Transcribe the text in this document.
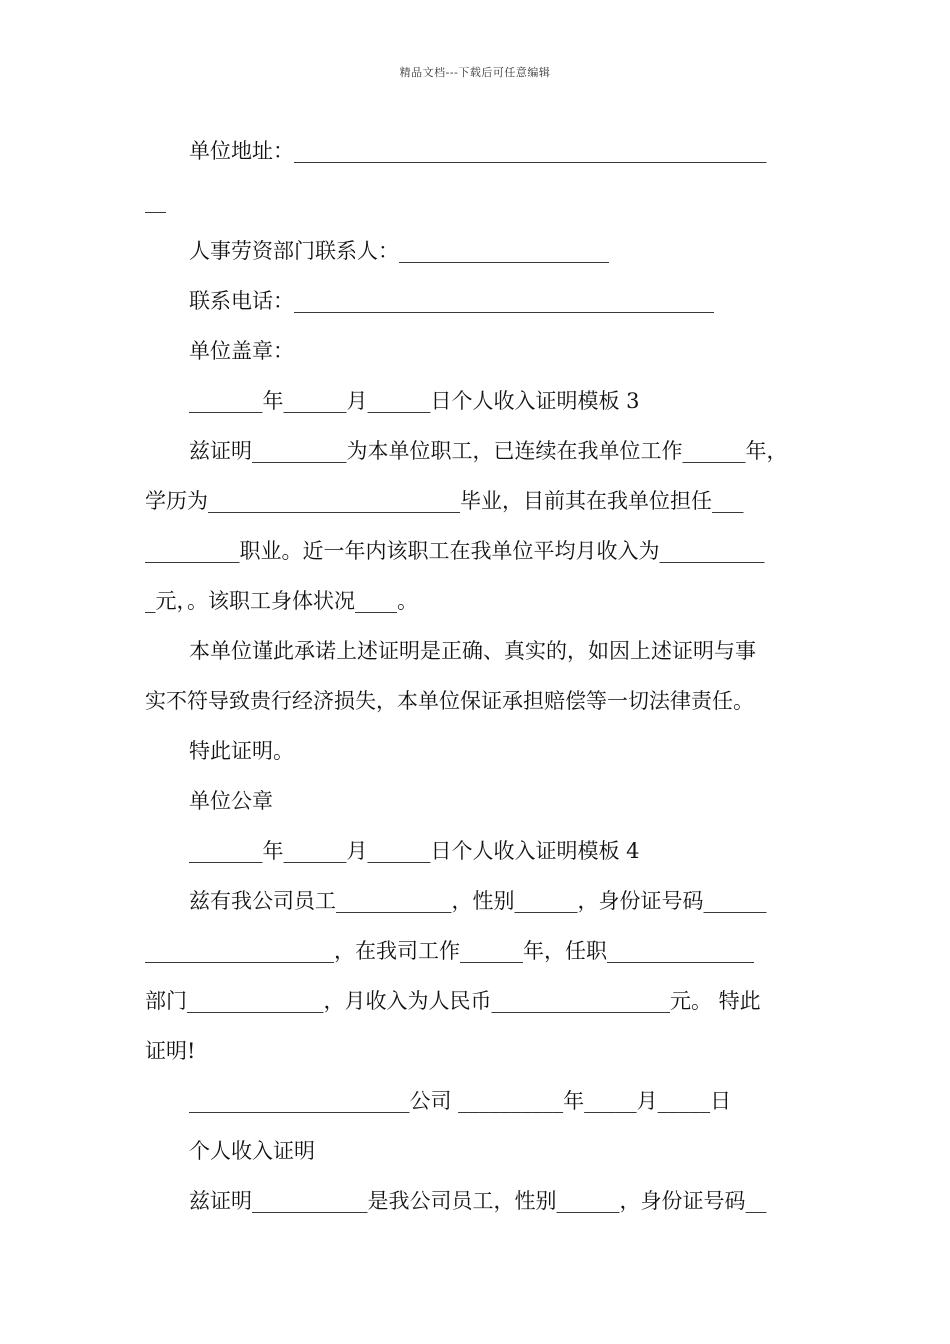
精品文档---下载后可任意编辑
单位地址：_____________________________________________
__
人事劳资部门联系人：____________________
联系电话：________________________________________
单位盖章：
_______年______月______日个人收入证明模板 3
兹证明_________为本单位职工，已连续在我单位工作______年，
学历为________________________毕业，目前其在我单位担任___
_________职业。近一年内该职工在我单位平均月收入为__________
_元，。该职工身体状况____。
本单位谨此承诺上述证明是正确、真实的，如因上述证明与事
实不符导致贵行经济损失，本单位保证承担赔偿等一切法律责任。
特此证明。
单位公章
_______年______月______日个人收入证明模板 4
兹有我公司员工___________，性别______，身份证号码______
__________________，在我司工作______年，任职______________
部门_____________，月收入为人民币_________________元。 特此
证明!
_____________________公司 __________年_____月_____日
个人收入证明
兹证明___________是我公司员工，性别______，身份证号码__
